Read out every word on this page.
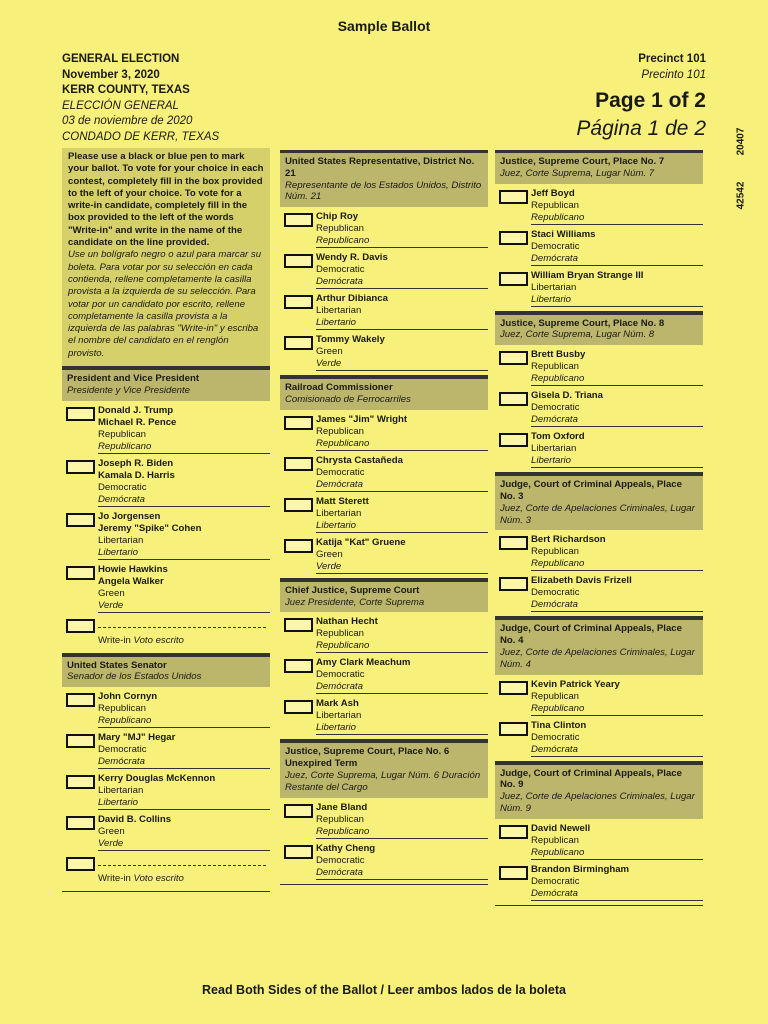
Sample Ballot
GENERAL ELECTION
November 3, 2020
KERR COUNTY, TEXAS
ELECCIÓN GENERAL
03 de noviembre de 2020
CONDADO DE KERR, TEXAS
Precinct 101
Precinto 101
Page 1 of 2
Página 1 de 2	20407
42542
Please use a black or blue pen to mark your ballot. To vote for your choice in each contest, completely fill in the box provided to the left of your choice. To vote for a write-in candidate, completely fill in the box provided to the left of the words "Write-in" and write in the name of the candidate on the line provided.
Use un bolígrafo negro o azul para marcar su boleta. Para votar por su selección en cada contienda, rellene completamente la casilla provista a la izquierda de su selección. Para votar por un candidato por escrito, rellene completamente la casilla provista a la izquierda de las palabras "Write-in" y escriba el nombre del candidato en el renglón provisto.
President and Vice President
Presidente y Vice Presidente
Donald J. Trump
Michael R. Pence
Republican
Republicano
Joseph R. Biden
Kamala D. Harris
Democratic
Demócrata
Jo Jorgensen
Jeremy "Spike" Cohen
Libertarian
Libertario
Howie Hawkins
Angela Walker
Green
Verde
Write-in Voto escrito
United States Senator
Senador de los Estados Unidos
John Cornyn
Republican
Republicano
Mary "MJ" Hegar
Democratic
Demócrata
Kerry Douglas McKennon
Libertarian
Libertario
David B. Collins
Green
Verde
Write-in Voto escrito
United States Representative, District No. 21
Representante de los Estados Unidos, Distrito Núm. 21
Chip Roy
Republican
Republicano
Wendy R. Davis
Democratic
Demócrata
Arthur Dibianca
Libertarian
Libertario
Tommy Wakely
Green
Verde
Railroad Commissioner
Comisionado de Ferrocarriles
James "Jim" Wright
Republican
Republicano
Chrysta Castañeda
Democratic
Demócrata
Matt Sterett
Libertarian
Libertario
Katija "Kat" Gruene
Green
Verde
Chief Justice, Supreme Court
Juez Presidente, Corte Suprema
Nathan Hecht
Republican
Republicano
Amy Clark Meachum
Democratic
Demócrata
Mark Ash
Libertarian
Libertario
Justice, Supreme Court, Place No. 6 Unexpired Term
Juez, Corte Suprema, Lugar Núm. 6 Duración Restante del Cargo
Jane Bland
Republican
Republicano
Kathy Cheng
Democratic
Demócrata
Justice, Supreme Court, Place No. 7
Juez, Corte Suprema, Lugar Núm. 7
Jeff Boyd
Republican
Republicano
Staci Williams
Democratic
Demócrata
William Bryan Strange III
Libertarian
Libertario
Justice, Supreme Court, Place No. 8
Juez, Corte Suprema, Lugar Núm. 8
Brett Busby
Republican
Republicano
Gisela D. Triana
Democratic
Demócrata
Tom Oxford
Libertarian
Libertario
Judge, Court of Criminal Appeals, Place No. 3
Juez, Corte de Apelaciones Criminales, Lugar Núm. 3
Bert Richardson
Republican
Republicano
Elizabeth Davis Frizell
Democratic
Demócrata
Judge, Court of Criminal Appeals, Place No. 4
Juez, Corte de Apelaciones Criminales, Lugar Núm. 4
Kevin Patrick Yeary
Republican
Republicano
Tina Clinton
Democratic
Demócrata
Judge, Court of Criminal Appeals, Place No. 9
Juez, Corte de Apelaciones Criminales, Lugar Núm. 9
David Newell
Republican
Republicano
Brandon Birmingham
Democratic
Demócrata
Read Both Sides of the Ballot / Leer ambos lados de la boleta
